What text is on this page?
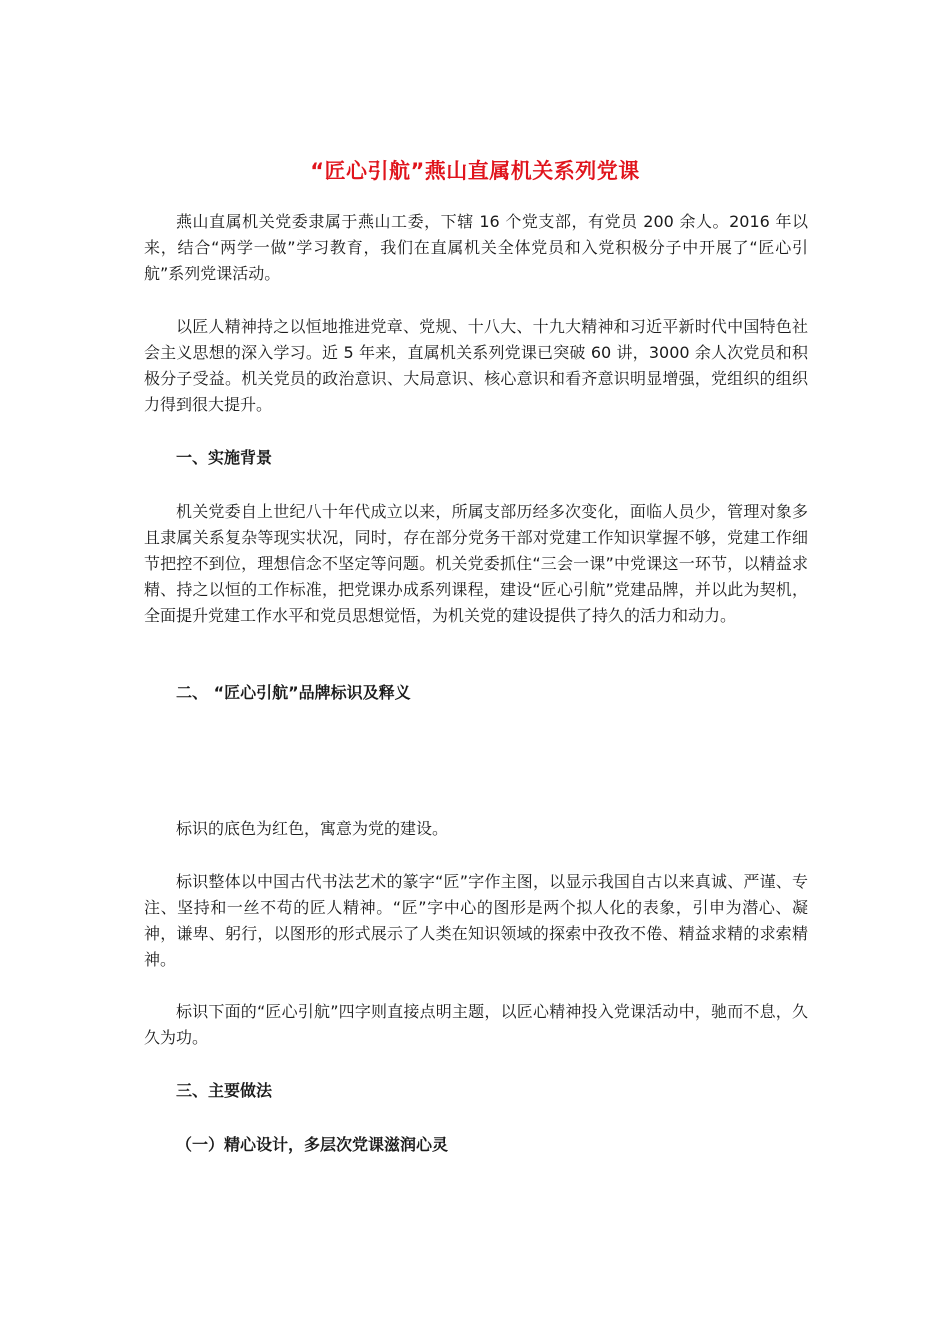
“匠心引航”燕山直属机关系列党课

燕山直属机关党委隶属于燕山工委，下辖 16 个党支部，有党员 200 余人。2016 年以来，结合“两学一做”学习教育，我们在直属机关全体党员和入党积极分子中开展了“匠心引航”系列党课活动。

以匠人精神持之以恒地推进党章、党规、十八大、十九大精神和习近平新时代中国特色社会主义思想的深入学习。近 5 年来，直属机关系列党课已突破 60 讲，3000 余人次党员和积极分子受益。机关党员的政治意识、大局意识、核心意识和看齐意识明显增强，党组织的组织力得到很大提升。

一、实施背景

机关党委自上世纪八十年代成立以来，所属支部历经多次变化，面临人员少，管理对象多且隶属关系复杂等现实状况，同时，存在部分党务干部对党建工作知识掌握不够，党建工作细节把控不到位，理想信念不坚定等问题。机关党委抓住“三会一课”中党课这一环节，以精益求精、持之以恒的工作标准，把党课办成系列课程，建设“匠心引航”党建品牌，并以此为契机，全面提升党建工作水平和党员思想觉悟，为机关党的建设提供了持久的活力和动力。

二、 “匠心引航”品牌标识及释义

标识的底色为红色，寓意为党的建设。

标识整体以中国古代书法艺术的篆字“匠”字作主图，以显示我国自古以来真诚、严谨、专注、坚持和一丝不苟的匠人精神。“匠”字中心的图形是两个拟人化的表象，引申为潜心、凝神，谦卑、躬行，以图形的形式展示了人类在知识领域的探索中孜孜不倦、精益求精的求索精神。

标识下面的“匠心引航”四字则直接点明主题，以匠心精神投入党课活动中，驰而不息，久久为功。

三、主要做法
（一）精心设计，多层次党课滋润心灵
